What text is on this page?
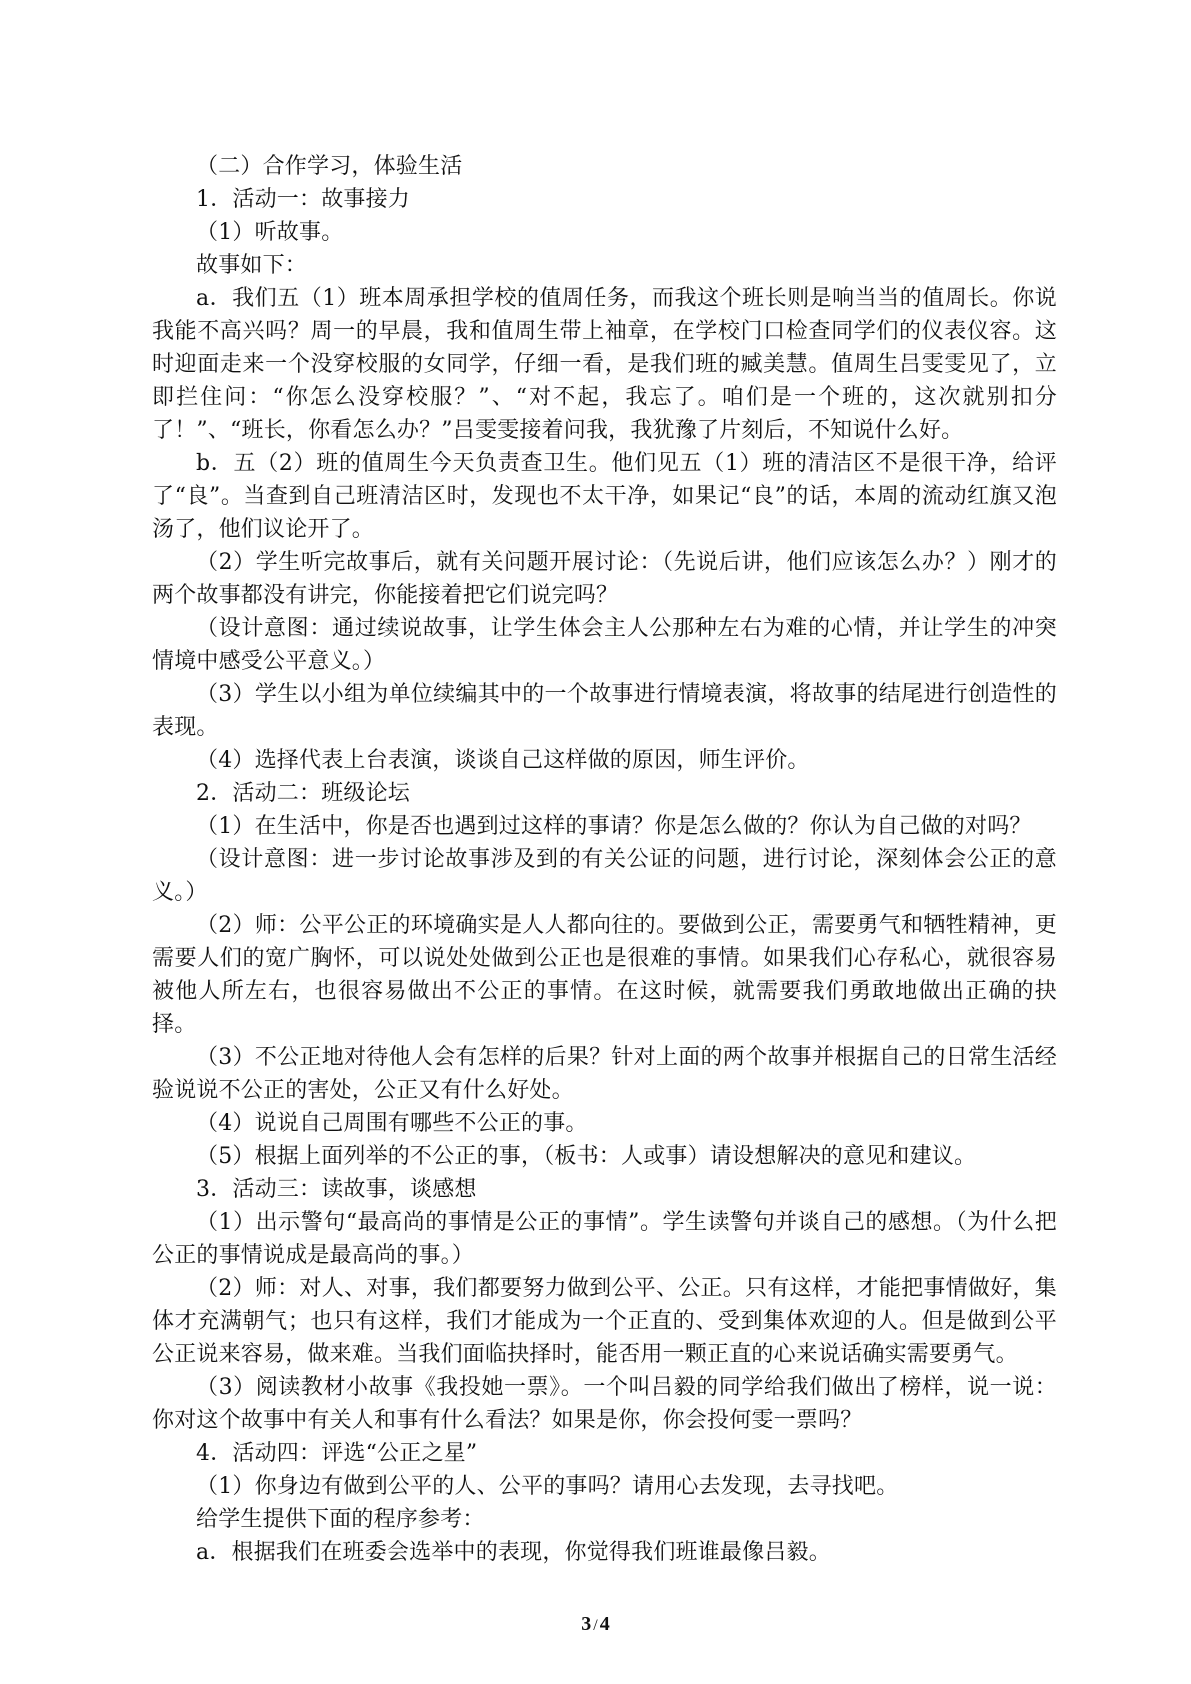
（二）合作学习，体验生活

1．活动一：故事接力

（1）听故事。

故事如下：

a．我们五（1）班本周承担学校的值周任务，而我这个班长则是响当当的值周长。你说我能不高兴吗？周一的早晨，我和值周生带上袖章，在学校门口检查同学们的仪表仪容。这时迎面走来一个没穿校服的女同学，仔细一看，是我们班的臧美慧。值周生吕雯雯见了，立即拦住问：“你怎么没穿校服？”、“对不起，我忘了。咱们是一个班的，这次就别扣分了！”、“班长，你看怎么办？”吕雯雯接着问我，我犹豫了片刻后，不知说什么好。

b．五（2）班的值周生今天负责查卫生。他们见五（1）班的清洁区不是很干净，给评了“良”。当查到自己班清洁区时，发现也不太干净，如果记“良”的话，本周的流动红旗又泡汤了，他们议论开了。

（2）学生听完故事后，就有关问题开展讨论：（先说后讲，他们应该怎么办？）刚才的两个故事都没有讲完，你能接着把它们说完吗？

（设计意图：通过续说故事，让学生体会主人公那种左右为难的心情，并让学生的冲突情境中感受公平意义。）

（3）学生以小组为单位续编其中的一个故事进行情境表演，将故事的结尾进行创造性的表现。

（4）选择代表上台表演，谈谈自己这样做的原因，师生评价。

2．活动二：班级论坛

（1）在生活中，你是否也遇到过这样的事请？你是怎么做的？你认为自己做的对吗？

（设计意图：进一步讨论故事涉及到的有关公证的问题，进行讨论，深刻体会公正的意义。）

（2）师：公平公正的环境确实是人人都向往的。要做到公正，需要勇气和牺牲精神，更需要人们的宽广胸怀，可以说处处做到公正也是很难的事情。如果我们心存私心，就很容易被他人所左右，也很容易做出不公正的事情。在这时候，就需要我们勇敢地做出正确的抉择。

（3）不公正地对待他人会有怎样的后果？针对上面的两个故事并根据自己的日常生活经验说说不公正的害处，公正又有什么好处。

（4）说说自己周围有哪些不公正的事。

（5）根据上面列举的不公正的事，（板书：人或事）请设想解决的意见和建议。

3．活动三：读故事，谈感想

（1）出示警句“最高尚的事情是公正的事情”。学生读警句并谈自己的感想。（为什么把公正的事情说成是最高尚的事。）

（2）师：对人、对事，我们都要努力做到公平、公正。只有这样，才能把事情做好，集体才充满朝气；也只有这样，我们才能成为一个正直的、受到集体欢迎的人。但是做到公平公正说来容易，做来难。当我们面临抉择时，能否用一颗正直的心来说话确实需要勇气。

（3）阅读教材小故事《我投她一票》。一个叫吕毅的同学给我们做出了榜样，说一说：你对这个故事中有关人和事有什么看法？如果是你，你会投何雯一票吗？

4．活动四：评选“公正之星”

（1）你身边有做到公平的人、公平的事吗？请用心去发现，去寻找吧。

给学生提供下面的程序参考：

a．根据我们在班委会选举中的表现，你觉得我们班谁最像吕毅。

3 / 4
